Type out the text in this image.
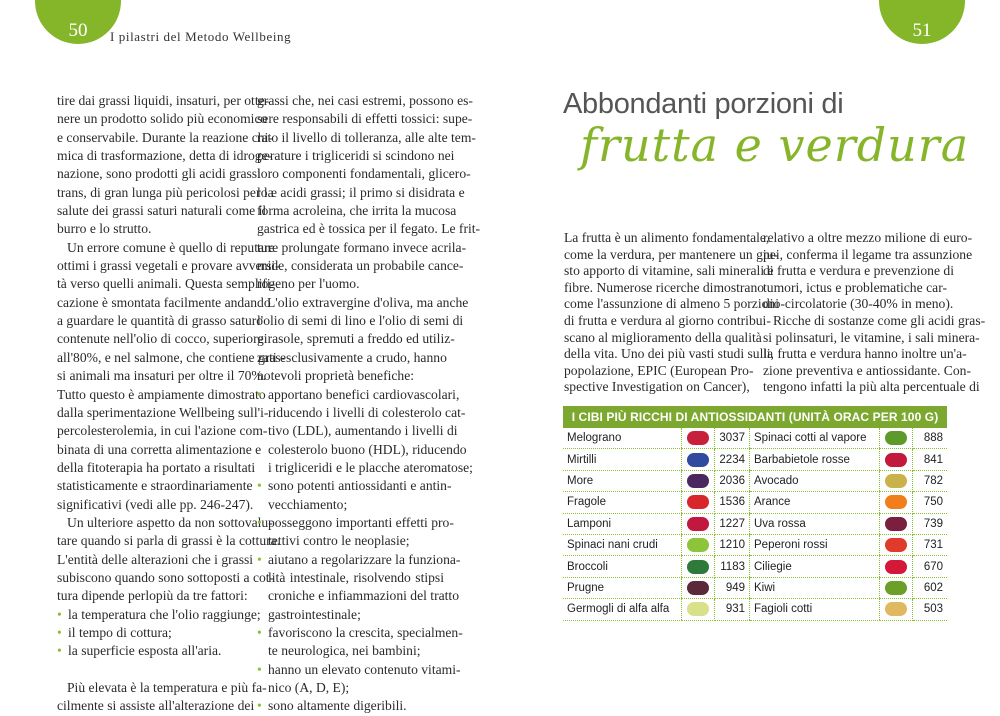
50	I pilastri del Metodo Wellbeing	51
tire dai grassi liquidi, insaturi, per otte-
nere un prodotto solido più economico
e conservabile. Durante la reazione chi-
mica di trasformazione, detta di idroge-
nazione, sono prodotti gli acidi grassi
trans, di gran lunga più pericolosi per la
salute dei grassi saturi naturali come il
burro e lo strutto.
Un errore comune è quello di reputare
ottimi i grassi vegetali e provare avversi-
tà verso quelli animali. Questa semplifi-
cazione è smontata facilmente andando
a guardare le quantità di grasso saturo
contenute nell'olio di cocco, superiore
all'80%, e nel salmone, che contiene gras-
si animali ma insaturi per oltre il 70%.
Tutto questo è ampiamente dimostrato
dalla sperimentazione Wellbeing sull'i-
percolesterolemia, in cui l'azione com-
binata di una corretta alimentazione e
della fitoterapia ha portato a risultati
statisticamente e straordinariamente
significativi (vedi alle pp. 246-247).
Un ulteriore aspetto da non sottovalu-
tare quando si parla di grassi è la cottura.
L'entità delle alterazioni che i grassi
subiscono quando sono sottoposti a cot-
tura dipende perlopiù da tre fattori:
• la temperatura che l'olio raggiunge;
• il tempo di cottura;
• la superficie esposta all'aria.
Più elevata è la temperatura e più fa-
cilmente si assiste all'alterazione dei
grassi che, nei casi estremi, possono es-
sere responsabili di effetti tossici: supe-
rato il livello di tolleranza, alle alte tem-
perature i trigliceridi si scindono nei
loro componenti fondamentali, glicero-
lo e acidi grassi; il primo si disidrata e
forma acroleina, che irrita la mucosa
gastrica ed è tossica per il fegato. Le frit-
ture prolungate formano invece acrila-
mide, considerata un probabile cance-
rogeno per l'uomo.
L'olio extravergine d'oliva, ma anche
l'olio di semi di lino e l'olio di semi di
girasole, spremuti a freddo ed utiliz-
zati esclusivamente a crudo, hanno
notevoli proprietà benefiche:
• apportano benefici cardiovascolari,
riducendo i livelli di colesterolo cat-
tivo (LDL), aumentando i livelli di
colesterolo buono (HDL), riducendo
i trigliceridi e le placche ateromatose;
• sono potenti antiossidanti e antin-
vecchiamento;
• posseggono importanti effetti pro-
tettivi contro le neoplasie;
• aiutano a regolarizzare la funziona-
lità intestinale, risolvendo stipsi
croniche e infiammazioni del tratto
gastrointestinale;
• favoriscono la crescita, specialmen-
te neurologica, nei bambini;
• hanno un elevato contenuto vitami-
nico (A, D, E);
• sono altamente digeribili.
La frutta è un alimento fondamentale,
come la verdura, per mantenere un giu-
sto apporto di vitamine, sali minerali e
fibre. Numerose ricerche dimostrano
come l'assunzione di almeno 5 porzioni
di frutta e verdura al giorno contribui-
scano al miglioramento della qualità
della vita. Uno dei più vasti studi sulla
popolazione, EPIC (European Pro-
spective Investigation on Cancer),
relativo a oltre mezzo milione di euro-
pei, conferma il legame tra assunzione
di frutta e verdura e prevenzione di
tumori, ictus e problematiche car-
dio-circolatorie (30-40% in meno).
Ricche di sostanze come gli acidi gras-
si polinsaturi, le vitamine, i sali minera-
li, frutta e verdura hanno inoltre un'a-
zione preventiva e antiossidante. Con-
tengono infatti la più alta percentuale di
Abbondanti porzioni di
frutta e verdura
I CIBI PIÙ RICCHI DI ANTIOSSIDANTI (UNITÀ ORAC PER 100 G)					
Melograno		3037	Spinaci cotti al vapore		888
Mirtilli		2234	Barbabietole rosse		841
More		2036	Avocado		782
Fragole		1536	Arance		750
Lamponi		1227	Uva rossa		739
Spinaci nani crudi		1210	Peperoni rossi		731
Broccoli		1183	Ciliegie		670
Prugne		949	Kiwi		602
Germogli di alfa alfa		931	Fagioli cotti		503
